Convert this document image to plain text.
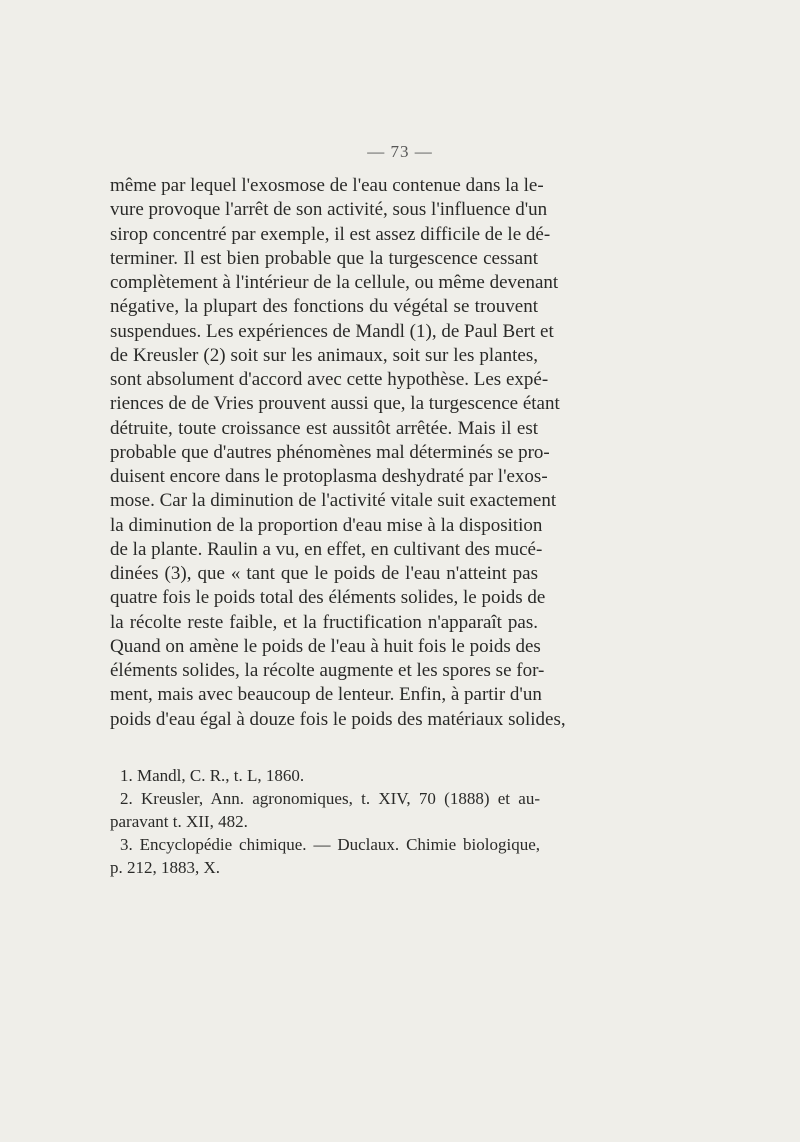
— 73 —
même par lequel l'exosmose de l'eau contenue dans la le-
vure provoque l'arrêt de son activité, sous l'influence d'un
sirop concentré par exemple, il est assez difficile de le dé-
terminer. Il est bien probable que la turgescence cessant
complètement à l'intérieur de la cellule, ou même devenant
négative, la plupart des fonctions du végétal se trouvent
suspendues. Les expériences de Mandl (1), de Paul Bert et
de Kreusler (2) soit sur les animaux, soit sur les plantes,
sont absolument d'accord avec cette hypothèse. Les expé-
riences de de Vries prouvent aussi que, la turgescence étant
détruite, toute croissance est aussitôt arrêtée. Mais il est
probable que d'autres phénomènes mal déterminés se pro-
duisent encore dans le protoplasma deshydraté par l'exos-
mose. Car la diminution de l'activité vitale suit exactement
la diminution de la proportion d'eau mise à la disposition
de la plante. Raulin a vu, en effet, en cultivant des mucé-
dinées (3), que « tant que le poids de l'eau n'atteint pas
quatre fois le poids total des éléments solides, le poids de
la récolte reste faible, et la fructification n'apparaît pas.
Quand on amène le poids de l'eau à huit fois le poids des
éléments solides, la récolte augmente et les spores se for-
ment, mais avec beaucoup de lenteur. Enfin, à partir d'un
poids d'eau égal à douze fois le poids des matériaux solides,
1. Mandl, C. R., t. L, 1860.
2. Kreusler, Ann. agronomiques, t. XIV, 70 (1888) et au-
paravant t. XII, 482.
3. Encyclopédie chimique. — Duclaux. Chimie biologique,
p. 212, 1883, X.
